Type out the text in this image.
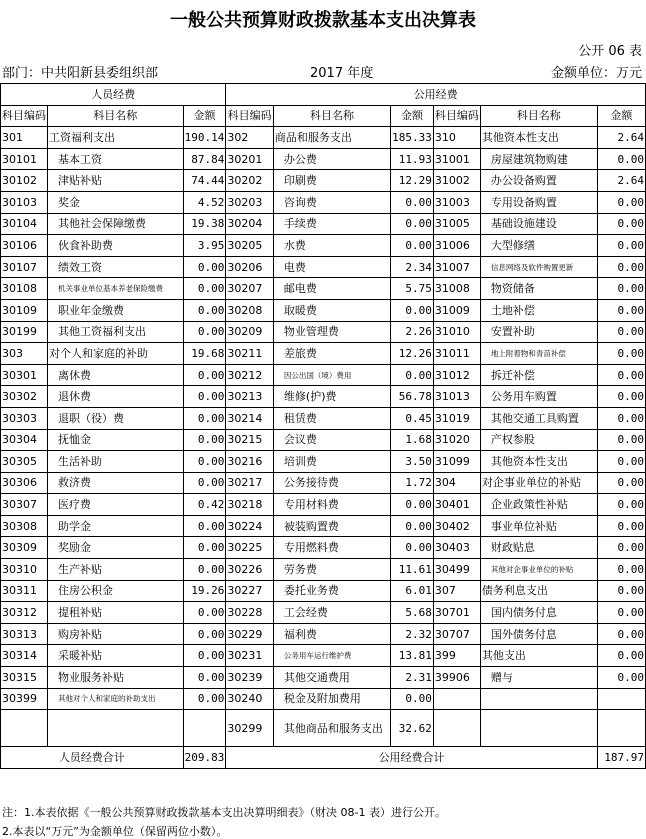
一般公共预算财政拨款基本支出决算表
公开 06 表
部门：中共阳新县委组织部	2017 年度	金额单位：万元
人员经费			公用经费					
科目编码	科目名称	金额	科目编码	科目名称	金额	科目编码	科目名称	金额
301	工资福利支出	190.14	302	商品和服务支出	185.33	310	其他资本性支出	2.64
30101	基本工资	87.84	30201	办公费	11.93	31001	房屋建筑物购建	0.00
30102	津贴补贴	74.44	30202	印刷费	12.29	31002	办公设备购置	2.64
30103	奖金	4.52	30203	咨询费	0.00	31003	专用设备购置	0.00
30104	其他社会保障缴费	19.38	30204	手续费	0.00	31005	基础设施建设	0.00
30106	伙食补助费	3.95	30205	水费	0.00	31006	大型修缮	0.00
30107	绩效工资	0.00	30206	电费	2.34	31007	信息网络及软件购置更新	0.00
30108	机关事业单位基本养老保险缴费	0.00	30207	邮电费	5.75	31008	物资储备	0.00
30109	职业年金缴费	0.00	30208	取暖费	0.00	31009	土地补偿	0.00
30199	其他工资福利支出	0.00	30209	物业管理费	2.26	31010	安置补助	0.00
303	对个人和家庭的补助	19.68	30211	差旅费	12.26	31011	地上附着物和青苗补偿	0.00
30301	离休费	0.00	30212	因公出国（境）费用	0.00	31012	拆迁补偿	0.00
30302	退休费	0.00	30213	维修(护)费	56.78	31013	公务用车购置	0.00
30303	退职（役）费	0.00	30214	租赁费	0.45	31019	其他交通工具购置	0.00
30304	抚恤金	0.00	30215	会议费	1.68	31020	产权参股	0.00
30305	生活补助	0.00	30216	培训费	3.50	31099	其他资本性支出	0.00
30306	救济费	0.00	30217	公务接待费	1.72	304	对企事业单位的补贴	0.00
30307	医疗费	0.42	30218	专用材料费	0.00	30401	企业政策性补贴	0.00
30308	助学金	0.00	30224	被装购置费	0.00	30402	事业单位补贴	0.00
30309	奖励金	0.00	30225	专用燃料费	0.00	30403	财政贴息	0.00
30310	生产补贴	0.00	30226	劳务费	11.61	30499	其他对企事业单位的补贴	0.00
30311	住房公积金	19.26	30227	委托业务费	6.01	307	债务利息支出	0.00
30312	提租补贴	0.00	30228	工会经费	5.68	30701	国内债务付息	0.00
30313	购房补贴	0.00	30229	福利费	2.32	30707	国外债务付息	0.00
30314	采暖补贴	0.00	30231	公务用车运行维护费	13.81	399	其他支出	0.00
30315	物业服务补贴	0.00	30239	其他交通费用	2.31	39906	赠与	0.00
30399	其他对个人和家庭的补助支出	0.00	30240	税金及附加费用	0.00			
			30299	其他商品和服务支出	32.62			
人员经费合计		209.83	公用经费合计					187.97
注：1.本表依据《一般公共预算财政拨款基本支出决算明细表》（财决 08-1 表）进行公开。
2.本表以“万元”为金额单位（保留两位小数）。
